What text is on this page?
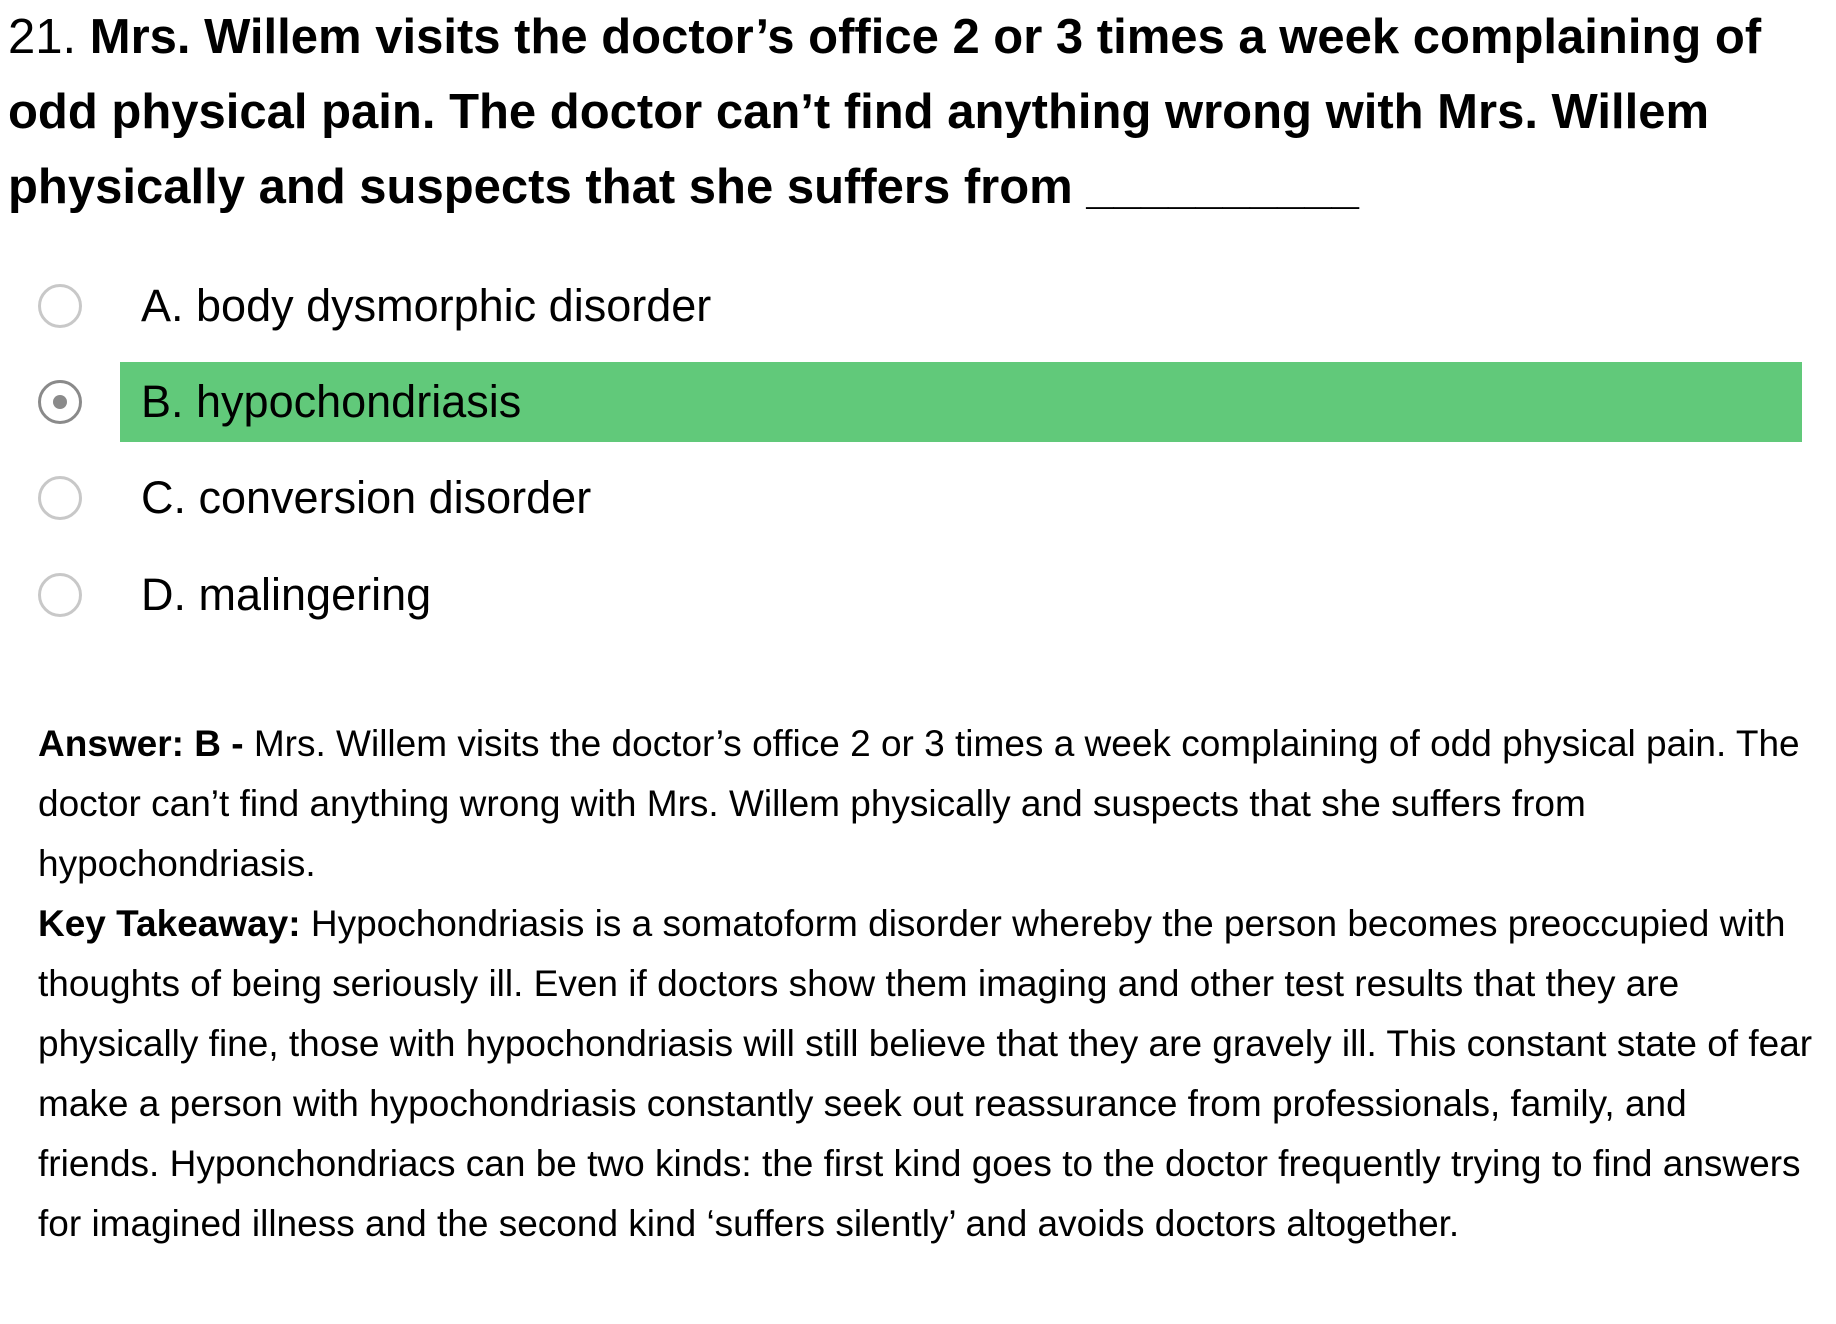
21. Mrs. Willem visits the doctor’s office 2 or 3 times a week complaining of odd physical pain. The doctor can’t find anything wrong with Mrs. Willem physically and suspects that she suffers from __________

A. body dysmorphic disorder
B. hypochondriasis
C. conversion disorder
D. malingering

Answer: B - Mrs. Willem visits the doctor’s office 2 or 3 times a week complaining of odd physical pain. The doctor can’t find anything wrong with Mrs. Willem physically and suspects that she suffers from hypochondriasis.

Key Takeaway: Hypochondriasis is a somatoform disorder whereby the person becomes preoccupied with thoughts of being seriously ill. Even if doctors show them imaging and other test results that they are physically fine, those with hypochondriasis will still believe that they are gravely ill. This constant state of fear make a person with hypochondriasis constantly seek out reassurance from professionals, family, and friends. Hyponchondriacs can be two kinds: the first kind goes to the doctor frequently trying to find answers for imagined illness and the second kind ‘suffers silently’ and avoids doctors altogether.
